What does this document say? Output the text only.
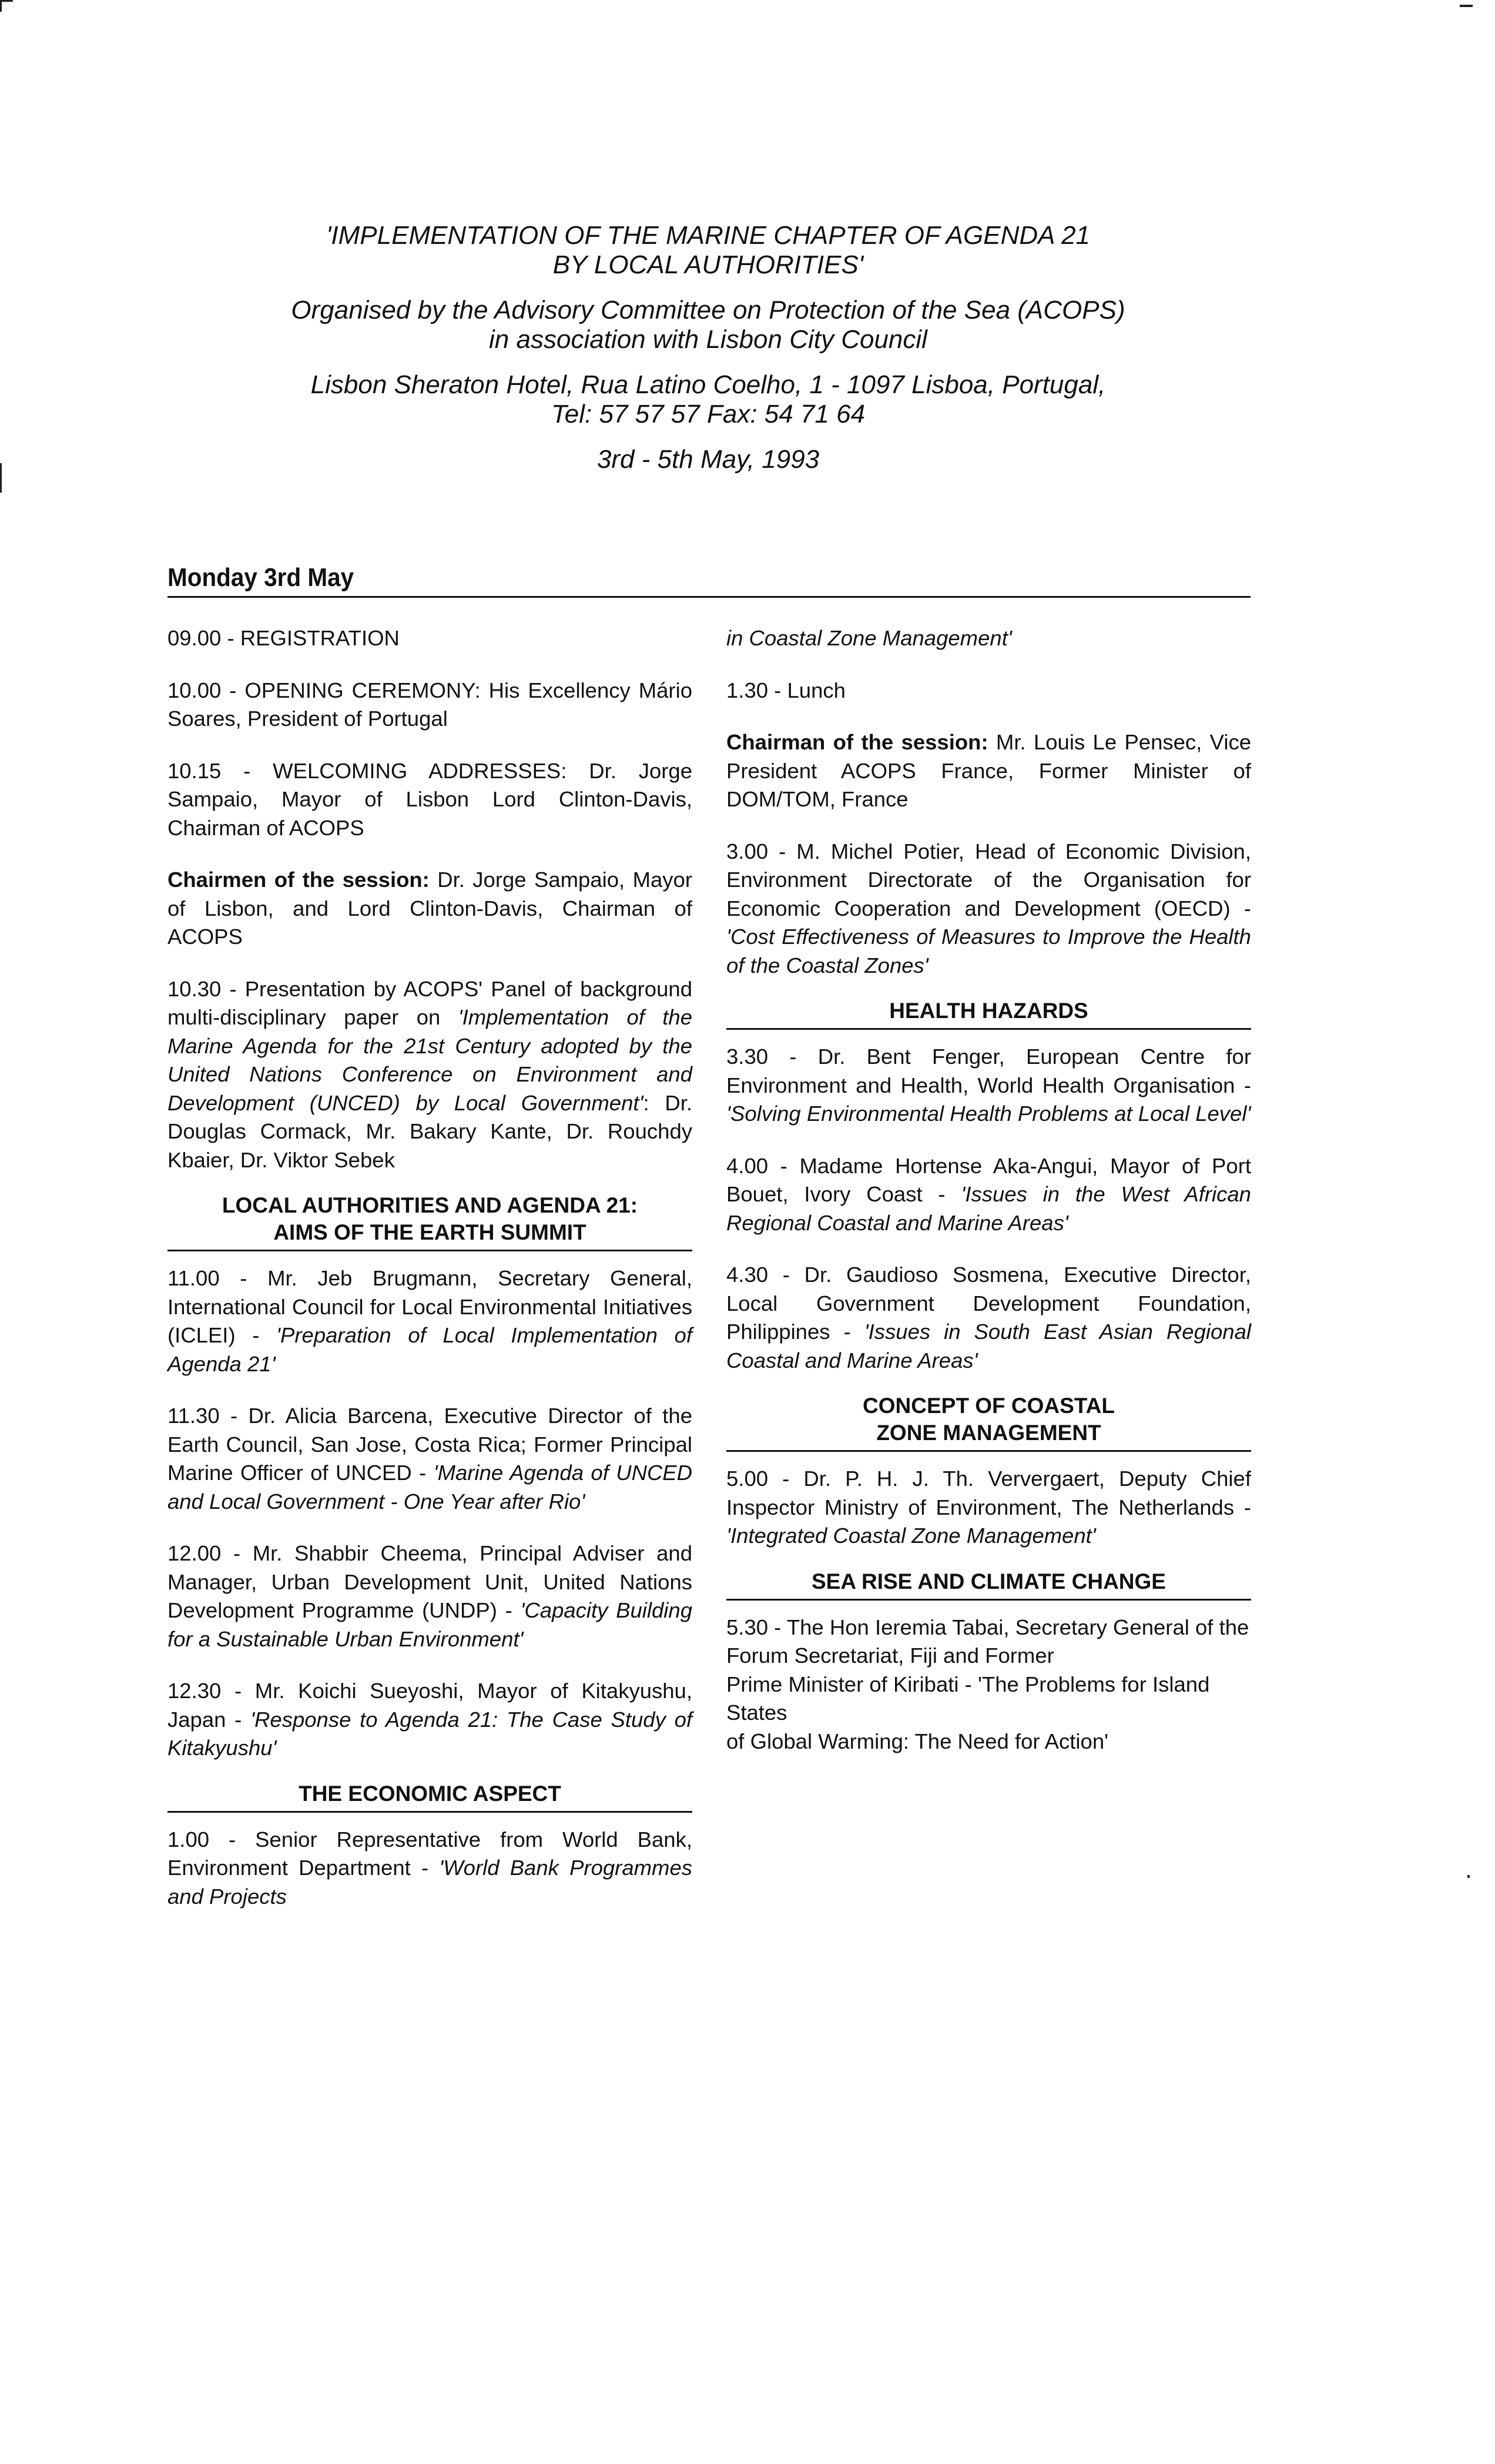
'IMPLEMENTATION OF THE MARINE CHAPTER OF AGENDA 21
BY LOCAL AUTHORITIES'
Organised by the Advisory Committee on Protection of the Sea (ACOPS)
in association with Lisbon City Council
Lisbon Sheraton Hotel, Rua Latino Coelho, 1 - 1097 Lisboa, Portugal,
Tel: 57 57 57 Fax: 54 71 64
3rd - 5th May, 1993
Monday 3rd May

09.00 - REGISTRATION

10.00 - OPENING CEREMONY: His Excellency Mário Soares, President of Portugal

10.15 - WELCOMING ADDRESSES: Dr. Jorge Sampaio, Mayor of Lisbon Lord Clinton-Davis, Chairman of ACOPS

Chairmen of the session: Dr. Jorge Sampaio, Mayor of Lisbon, and Lord Clinton-Davis, Chairman of ACOPS

10.30 - Presentation by ACOPS' Panel of background multi-disciplinary paper on 'Implementation of the Marine Agenda for the 21st Century adopted by the United Nations Conference on Environment and Development (UNCED) by Local Government': Dr. Douglas Cormack, Mr. Bakary Kante, Dr. Rouchdy Kbaier, Dr. Viktor Sebek

LOCAL AUTHORITIES AND AGENDA 21:
AIMS OF THE EARTH SUMMIT

11.00 - Mr. Jeb Brugmann, Secretary General, International Council for Local Environmental Initiatives (ICLEI) - 'Preparation of Local Implementation of Agenda 21'

11.30 - Dr. Alicia Barcena, Executive Director of the Earth Council, San Jose, Costa Rica; Former Principal Marine Officer of UNCED - 'Marine Agenda of UNCED and Local Government - One Year after Rio'

12.00 - Mr. Shabbir Cheema, Principal Adviser and Manager, Urban Development Unit, United Nations Development Programme (UNDP) - 'Capacity Building for a Sustainable Urban Environment'

12.30 - Mr. Koichi Sueyoshi, Mayor of Kitakyushu, Japan - 'Response to Agenda 21: The Case Study of Kitakyushu'

THE ECONOMIC ASPECT

1.00 - Senior Representative from World Bank, Environment Department - 'World Bank Programmes and Projects

in Coastal Zone Management'

1.30 - Lunch

Chairman of the session: Mr. Louis Le Pensec, Vice President ACOPS France, Former Minister of DOM/TOM, France

3.00 - M. Michel Potier, Head of Economic Division, Environment Directorate of the Organisation for Economic Cooperation and Development (OECD) - 'Cost Effectiveness of Measures to Improve the Health of the Coastal Zones'

HEALTH HAZARDS

3.30 - Dr. Bent Fenger, European Centre for Environment and Health, World Health Organisation - 'Solving Environmental Health Problems at Local Level'

4.00 - Madame Hortense Aka-Angui, Mayor of Port Bouet, Ivory Coast - 'Issues in the West African Regional Coastal and Marine Areas'

4.30 - Dr. Gaudioso Sosmena, Executive Director, Local Government Development Foundation, Philippines - 'Issues in South East Asian Regional Coastal and Marine Areas'

CONCEPT OF COASTAL
ZONE MANAGEMENT

5.00 - Dr. P. H. J. Th. Ververgaert, Deputy Chief Inspector Ministry of Environment, The Netherlands - 'Integrated Coastal Zone Management'

SEA RISE AND CLIMATE CHANGE

5.30 - The Hon Ieremia Tabai, Secretary General of the
Forum Secretariat, Fiji and Former
Prime Minister of Kiribati - 'The Problems for Island States
of Global Warming: The Need for Action'
